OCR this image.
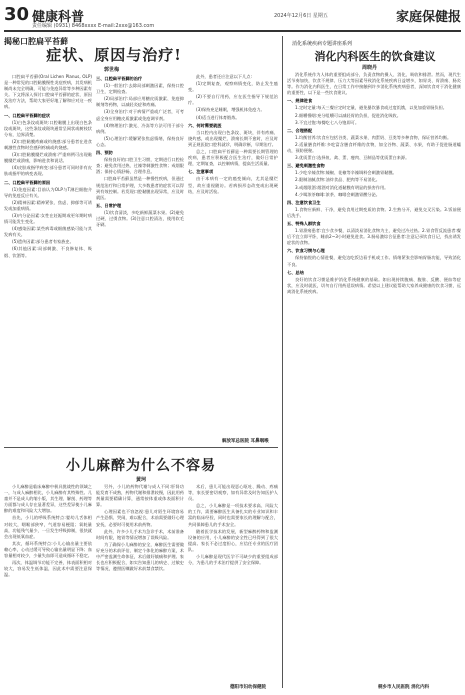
30 健康科普
责任编辑 (0931) 8468xxxx E-mail:2xxx@163.com
2024年12月6日 星期五	家庭保健报
揭秘口腔扁平苔藓
症状、原因与治疗!
郭世梅

口腔扁平苔藓(Oral Lichen Planus, OLP)是一种常见的口腔黏膜慢性炎症疾病，其发病机制尚未完全明确，可能与免疫异常等多种因素有关。下文将深入探讨口腔扁平苔藓的症状、原因及治疗方法，帮助大家更好地了解和应对这一疾病。

一、口腔扁平苔藓的症状

(1)白色条纹或斑块:口腔黏膜上出现白色条纹或斑块，这些条纹或斑块通常呈网状或树枝状分布，边界清楚。

(2)口腔黏膜疼痛或灼烧感:部分患者在进食刺激性食物时会感到疼痛或灼烧感。

(3)口腔黏膜糜烂或溃疡:严重病例可出现黏膜糜烂或溃疡，影响进食和说话。

(4)皮肤或指甲病变:部分患者可同时伴有皮肤或指甲的病变表现。

二、口腔扁平苔藓的原因

(1)免疫因素:目前认为OLP与T淋巴细胞介导的免疫反应有关。

(2)精神因素:精神紧张、焦虑、抑郁等可诱发或加重病情。

(3)内分泌因素:女性在妊娠期或更年期时病情可能发生变化。

(4)感染因素:某些病毒或细菌感染可能与其发病有关。

(5)遗传因素:部分患者有家族史。

(6)其他因素:局部刺激、不良修复体、吸烟、饮酒等。

三、口腔扁平苔藓的治疗

(1)一般治疗:去除局部刺激因素，保持口腔卫生，定期检查。

(2)局部治疗:局部应用糖皮质激素、免疫抑制剂等药物，以减轻炎症和疼痛。

(3)全身治疗:对于病情严重或广泛者，可考虑全身应用糖皮质激素或免疫调节剂。

(4)物理治疗:激光、冷冻等方法可用于部分病例。

(5)心理治疗:缓解紧张焦虑情绪，保持良好心态。

四、预防

保持良好的口腔卫生习惯，定期进行口腔检查；避免食用过热、过辣等刺激性食物；戒烟限酒；保持心情舒畅，合理作息。

口腔扁平苔藓虽然是一种慢性疾病，但通过规范治疗和日常护理，大多数患者的症状可以得到有效控制。若发现口腔黏膜出现异常，应及时就医。

五、日常护理

(1)饮食清淡，多吃新鲜蔬菜水果。(2)避免过硬、过烫食物。(3)注意口腔清洁，使用软毛牙刷。

此外，患者还应注意以下几点:

(1)定期复查，观察病情变化，防止发生癌变。

(2)不要自行用药，应在医生指导下规范治疗。

(3)保持充足睡眠，增强机体免疫力。

(4)适当进行体育锻炼。

六、何时需要就医

当口腔内出现白色条纹、斑块，伴有疼痛、烧灼感，或出现糜烂、溃疡长期不愈时，应及时到正规医院口腔科就诊，明确诊断，早期治疗。

总之，口腔扁平苔藓是一种需要长期管理的疾病，患者应积极配合医生治疗，做好日常护理，定期复查，以控制病情，提高生活质量。

七、注意事项

由于本病有一定的癌变倾向，尤其是糜烂型，故应重视随访。若病损形态改变或出现硬结，应及时活检。

解放军总医院 耳鼻咽喉
小儿麻醉为什么不容易
黄珂

小儿麻醉是临床麻醉中极具挑战性的领域之一，与成人麻醉相比，小儿麻醉有其特殊性。儿童并不是成人的缩小版，其生理、解剖、药理等方面都与成人存在显著差异，这些差异使小儿麻醉的难度和风险大大增加。

首先，小儿的呼吸系统特点:婴幼儿舌体相对较大，咽喉部狭窄，气道容易梗阻；氧耗量高，功能残气量少，一旦发生呼吸抑制，很快就会出现低氧血症。

其次，循环系统特点:小儿心输出量主要依赖心率，心动过缓可导致心输出量明显下降；血容量相对较少，少量失血即可造成循环不稳定。

再次，体温调节功能不完善，体表面积相对较大，容易发生低体温，因此术中需要注意保温。

另外，小儿的药物代谢与成人不同:肝肾功能发育不成熟，药物代谢和排泄较慢，因此用药剂量需要精确计算，通常按体重或体表面积计算。

心理因素也不容忽视:患儿对陌生环境容易产生恐惧、哭闹，难以配合，术前需要做好心理安抚，必要时可使用术前药物。

此外，许多小儿手术为急诊手术，术前准备时间有限，饱胃等情况增加了误吸风险。

为了确保小儿麻醉的安全，麻醉医生需要做好充分的术前评估，制定个体化的麻醉方案，术中严密监测生命体征，术后做好镇痛和护理。家长也应积极配合，如实告知患儿的病史、过敏史等情况，遵照医嘱做好术前禁食禁饮。

术后，患儿可能出现恶心呕吐、躁动、疼痛等，家长要密切观察，如有异常及时告知医护人员。

总之，小儿麻醉是一项技术要求高、风险大的工作，需要麻醉医生具备扎实的专业知识和丰富的临床经验，同时也需要家长的理解与配合，共同保障患儿的手术安全。

随着医学技术的发展，新型麻醉药物和监测设备的应用，小儿麻醉的安全性已经得到了很大提高。家长不必过度担心，应信任专业的医疗团队。

小儿麻醉是现代医学不可缺少的重要组成部分，为患儿的手术治疗提供了安全保障。

德阳市妇幼保健院
消化系统疾病专题讲座系列
消化内科医生的饮食建议
周晓丹

消化系统作为人体的重要组成部分，负责食物的摄入、消化、吸收和排泄。然而，现代生活节奏加快，饮食不规律、压力大等因素导致消化系统疾病日益增多，如胃炎、胃溃疡、肠炎等。作为消化内科医生，在日常工作中接触到许多消化系统疾病患者，深知饮食对于消化健康的重要性，以下是一些饮食建议。

一、规律进食

1.定时定量:每天三餐应定时定量，避免暴饮暴食或过度饥饿，以免加重胃肠负担。

2.细嚼慢咽:充分咀嚼可以减轻胃的负担，促进消化吸收。

3.不宜过饱:每餐吃七八分饱即可。

二、合理搭配

1.均衡营养:饮食应包括谷类、蔬菜水果、肉蛋奶、豆类等多种食物，保证营养均衡。

2.适量膳食纤维:多吃富含膳食纤维的食物，如全谷物、蔬菜、水果，有助于促进肠道蠕动，预防便秘。

3.优质蛋白:选择鱼、禽、蛋、瘦肉、豆制品等优质蛋白来源。

三、避免刺激性食物

1.少吃辛辣食物:辣椒、花椒等辛辣调料会刺激胃黏膜。

2.限制油腻食物:油炸食品、肥肉等不易消化。

3.戒烟限酒:烟酒对消化道黏膜有明显的损害作用。

4.少喝浓茶咖啡:浓茶、咖啡会刺激胃酸分泌。

四、注意饮食卫生

1.食物应新鲜、干净，避免食用过期变质的食物。2.生熟分开，避免交叉污染。3.饭前便后洗手。

五、特殊人群饮食

1.胃溃疡患者:宜少食多餐，以清淡易消化食物为主，避免过冷过热。2.胃食管反流患者:餐后不宜立即平卧，睡前2~3小时避免进食。3.肠易激综合征患者:注意记录饮食日记，找出诱发症状的食物。

六、饮食习惯与心理

保持愉悦的心情进餐，避免边吃饭边看手机或工作。情绪紧张会影响胃肠功能，导致消化不良。

七、总结

良好的饮食习惯是维护消化系统健康的基础。如出现持续腹痛、腹胀、反酸、便血等症状，应及时就医，切勿自行用药延误病情。希望以上建议能帮助大家养成健康的饮食习惯，远离消化系统疾病。

桐乡市人民医院 消化内科
